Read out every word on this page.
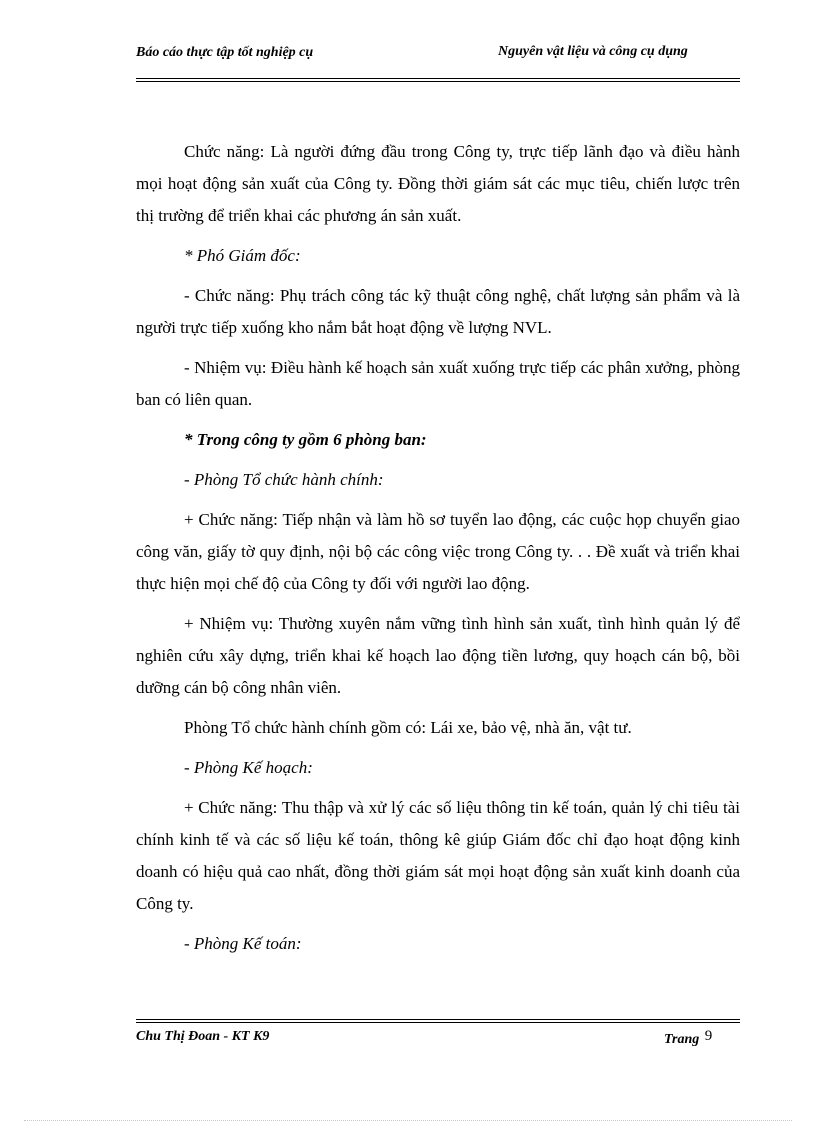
Báo cáo thực tập tốt nghiệp cụ	Nguyên vật liệu và công cụ dụng

Chức năng: Là người đứng đầu trong Công ty, trực tiếp lãnh đạo và điều hành mọi hoạt động sản xuất của Công ty. Đồng thời giám sát các mục tiêu, chiến lược trên thị trường để triển khai các phương án sản xuất.

* Phó Giám đốc:

- Chức năng: Phụ trách công tác kỹ thuật công nghệ, chất lượng sản phẩm và là người trực tiếp xuống kho nắm bắt hoạt động về lượng NVL.

- Nhiệm vụ: Điều hành kế hoạch sản xuất xuống trực tiếp các phân xưởng, phòng ban có liên quan.

* Trong công ty gồm 6 phòng ban:

- Phòng Tổ chức hành chính:

+ Chức năng: Tiếp nhận và làm hồ sơ tuyển lao động, các cuộc họp chuyển giao công văn, giấy tờ quy định, nội bộ các công việc trong Công ty. . . Đề xuất và triển khai thực hiện mọi chế độ của Công ty đối với người lao động.

+ Nhiệm vụ: Thường xuyên nắm vững tình hình sản xuất, tình hình quản lý để nghiên cứu xây dựng, triển khai kế hoạch lao động tiền lương, quy hoạch cán bộ, bồi dưỡng cán bộ công nhân viên.

Phòng Tổ chức hành chính gồm có: Lái xe, bảo vệ, nhà ăn, vật tư.

- Phòng Kế hoạch:

+ Chức năng: Thu thập và xử lý các số liệu thông tin kế toán, quản lý chi tiêu tài chính kinh tế và các số liệu kế toán, thông kê giúp Giám đốc chỉ đạo hoạt động kinh doanh có hiệu quả cao nhất, đồng thời giám sát mọi hoạt động sản xuất kinh doanh của Công ty.

- Phòng Kế toán:

Chu Thị Đoan - KT K9	Trang 9
